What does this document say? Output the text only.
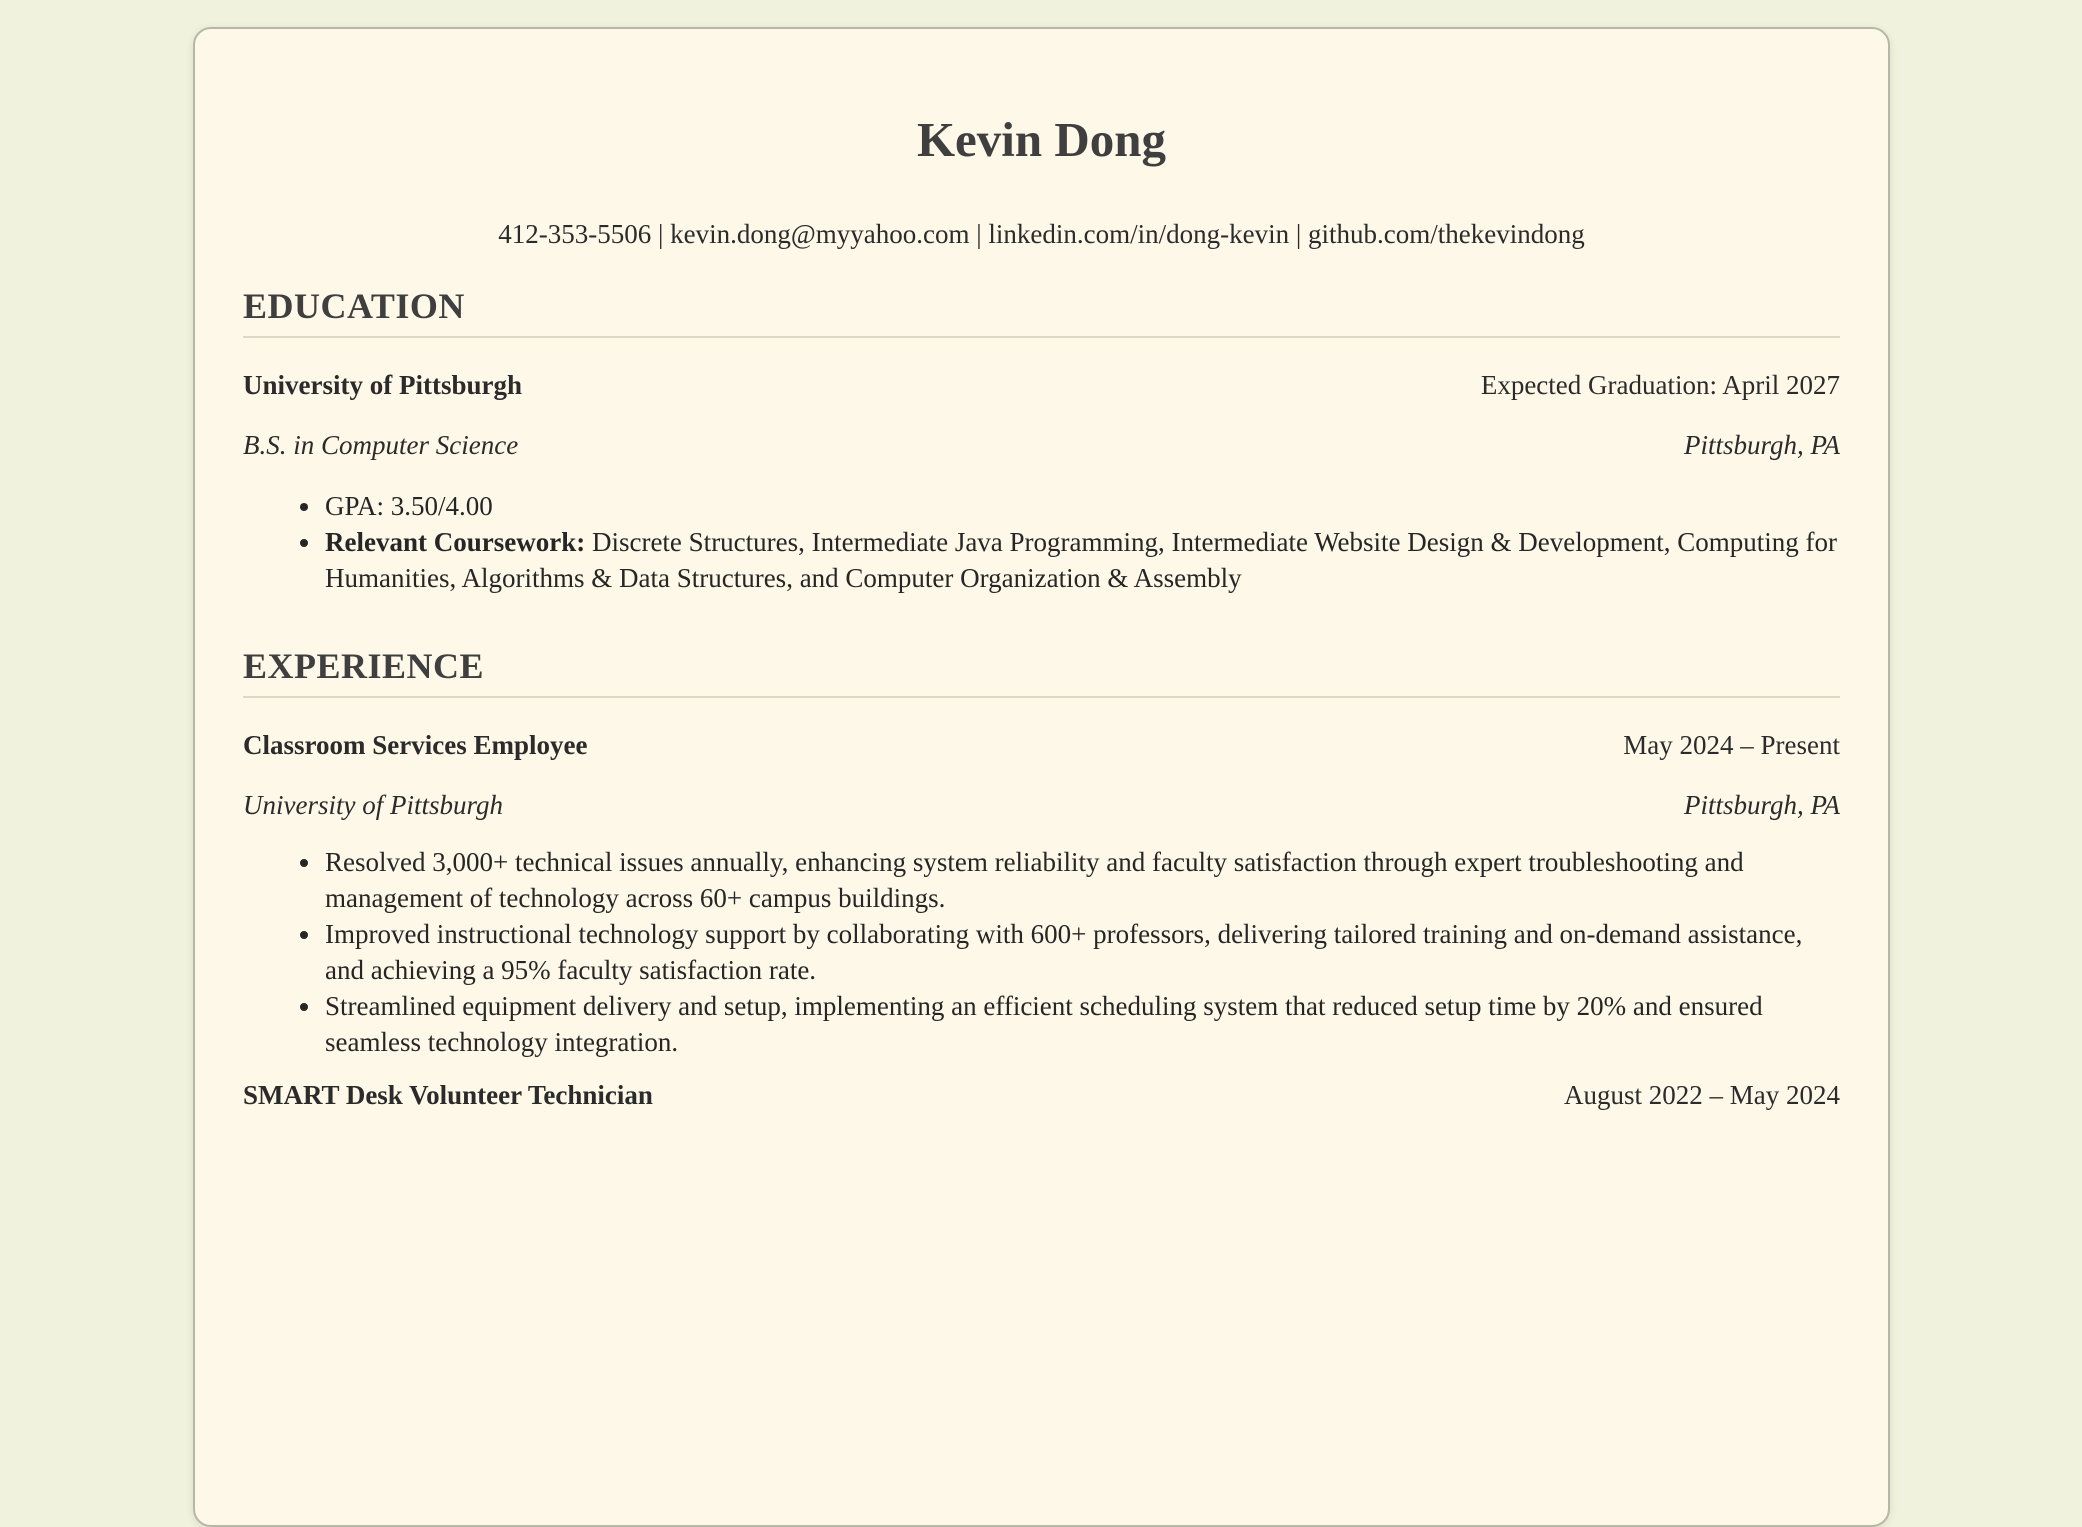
Kevin Dong

412-353-5506 | kevin.dong@myyahoo.com | linkedin.com/in/dong-kevin | github.com/thekevindong

EDUCATION
University of Pittsburgh	Expected Graduation: April 2027
B.S. in Computer Science	Pittsburgh, PA
• GPA: 3.50/4.00
• Relevant Coursework: Discrete Structures, Intermediate Java Programming, Intermediate Website Design & Development, Computing for Humanities, Algorithms & Data Structures, and Computer Organization & Assembly
EXPERIENCE
Classroom Services Employee	May 2024 – Present
University of Pittsburgh	Pittsburgh, PA
• Resolved 3,000+ technical issues annually, enhancing system reliability and faculty satisfaction through expert troubleshooting and management of technology across 60+ campus buildings.
• Improved instructional technology support by collaborating with 600+ professors, delivering tailored training and on-demand assistance, and achieving a 95% faculty satisfaction rate.
• Streamlined equipment delivery and setup, implementing an efficient scheduling system that reduced setup time by 20% and ensured seamless technology integration.
SMART Desk Volunteer Technician	August 2022 – May 2024
